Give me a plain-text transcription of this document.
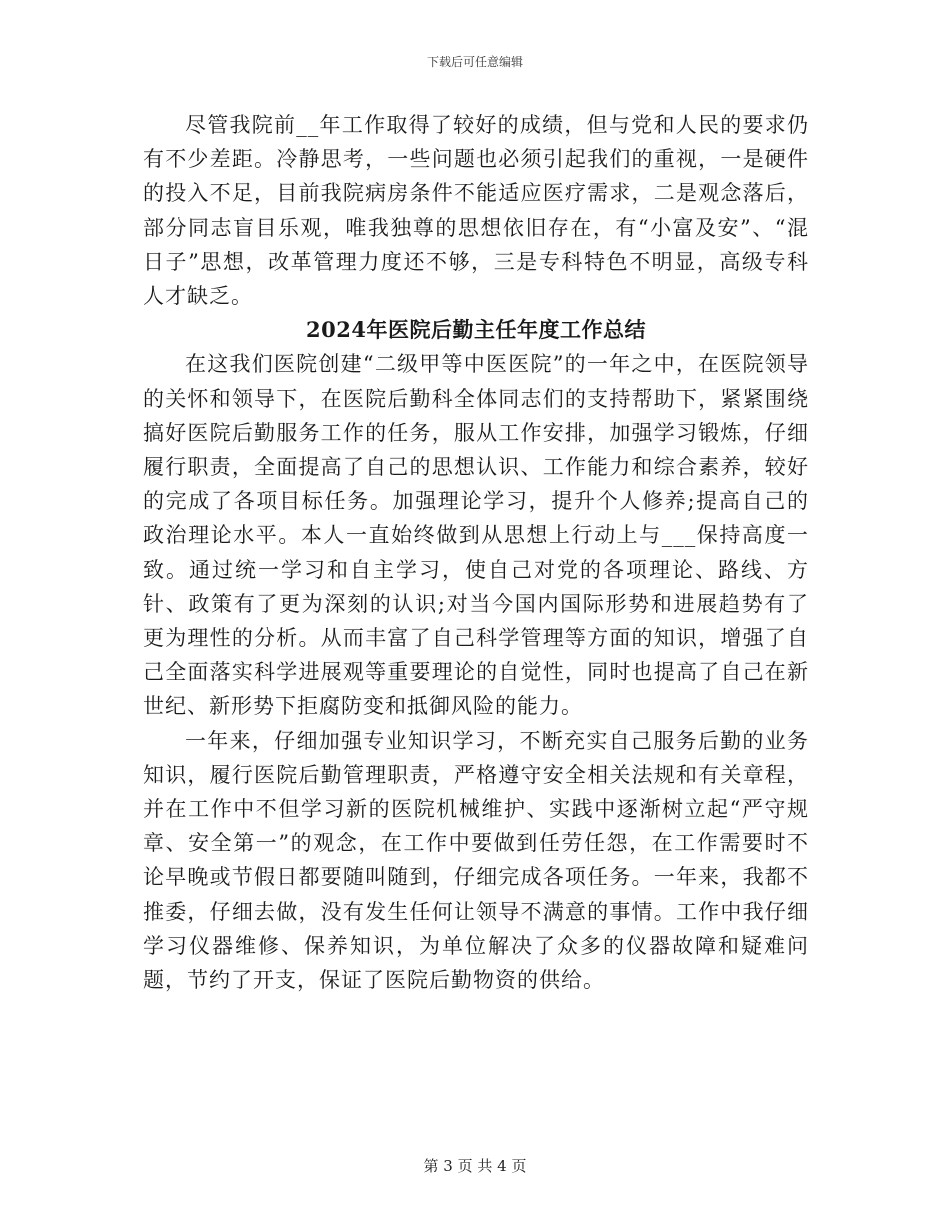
下载后可任意编辑

尽管我院前__年工作取得了较好的成绩，但与党和人民的要求仍有不少差距。冷静思考，一些问题也必须引起我们的重视，一是硬件的投入不足，目前我院病房条件不能适应医疗需求，二是观念落后，部分同志盲目乐观，唯我独尊的思想依旧存在，有“小富及安”、“混日子”思想，改革管理力度还不够，三是专科特色不明显，高级专科人才缺乏。

2024年医院后勤主任年度工作总结

在这我们医院创建“二级甲等中医医院”的一年之中，在医院领导的关怀和领导下，在医院后勤科全体同志们的支持帮助下，紧紧围绕搞好医院后勤服务工作的任务，服从工作安排，加强学习锻炼，仔细履行职责，全面提高了自己的思想认识、工作能力和综合素养，较好的完成了各项目标任务。加强理论学习，提升个人修养;提高自己的政治理论水平。本人一直始终做到从思想上行动上与___保持高度一致。通过统一学习和自主学习，使自己对党的各项理论、路线、方针、政策有了更为深刻的认识;对当今国内国际形势和进展趋势有了更为理性的分析。从而丰富了自己科学管理等方面的知识，增强了自己全面落实科学进展观等重要理论的自觉性，同时也提高了自己在新世纪、新形势下拒腐防变和抵御风险的能力。

一年来，仔细加强专业知识学习，不断充实自己服务后勤的业务知识，履行医院后勤管理职责，严格遵守安全相关法规和有关章程，并在工作中不但学习新的医院机械维护、实践中逐渐树立起“严守规章、安全第一”的观念，在工作中要做到任劳任怨，在工作需要时不论早晚或节假日都要随叫随到，仔细完成各项任务。一年来，我都不推委，仔细去做，没有发生任何让领导不满意的事情。工作中我仔细学习仪器维修、保养知识，为单位解决了众多的仪器故障和疑难问题，节约了开支，保证了医院后勤物资的供给。

第 3 页 共 4 页
